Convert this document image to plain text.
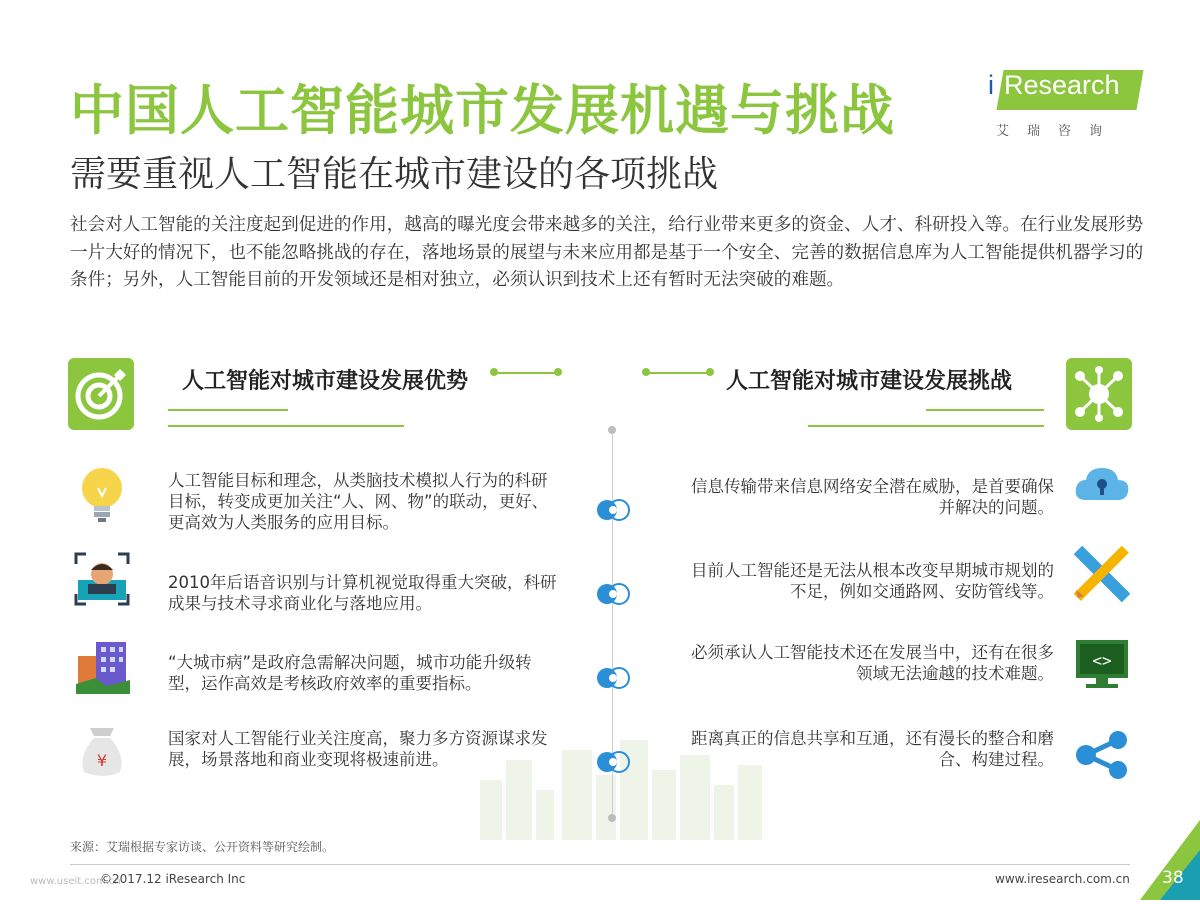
中国人工智能城市发展机遇与挑战
需要重视人工智能在城市建设的各项挑战
i Research
艾瑞咨询
社会对人工智能的关注度起到促进的作用，越高的曝光度会带来越多的关注，给行业带来更多的资金、人才、科研投入等。在行业发展形势一片大好的情况下，也不能忽略挑战的存在，落地场景的展望与未来应用都是基于一个安全、完善的数据信息库为人工智能提供机器学习的条件；另外，人工智能目前的开发领域还是相对独立，必须认识到技术上还有暂时无法突破的难题。
人工智能对城市建设发展优势	人工智能对城市建设发展挑战
人工智能目标和理念，从类脑技术模拟人行为的科研目标，转变成更加关注“人、网、物”的联动，更好、更高效为人类服务的应用目标。
2010年后语音识别与计算机视觉取得重大突破，科研成果与技术寻求商业化与落地应用。
“大城市病”是政府急需解决问题，城市功能升级转型，运作高效是考核政府效率的重要指标。
¥
国家对人工智能行业关注度高，聚力多方资源谋求发展，场景落地和商业变现将极速前进。
信息传输带来信息网络安全潜在威胁，是首要确保并解决的问题。
目前人工智能还是无法从根本改变早期城市规划的不足，例如交通路网、安防管线等。
必须承认人工智能技术还在发展当中，还有在很多领域无法逾越的技术难题。
<>
距离真正的信息共享和互通，还有漫长的整合和磨合、构建过程。
来源：艾瑞根据专家访谈、公开资料等研究绘制。
www.useit.com.cn
©2017.12 iResearch Inc	www.iresearch.com.cn 38
